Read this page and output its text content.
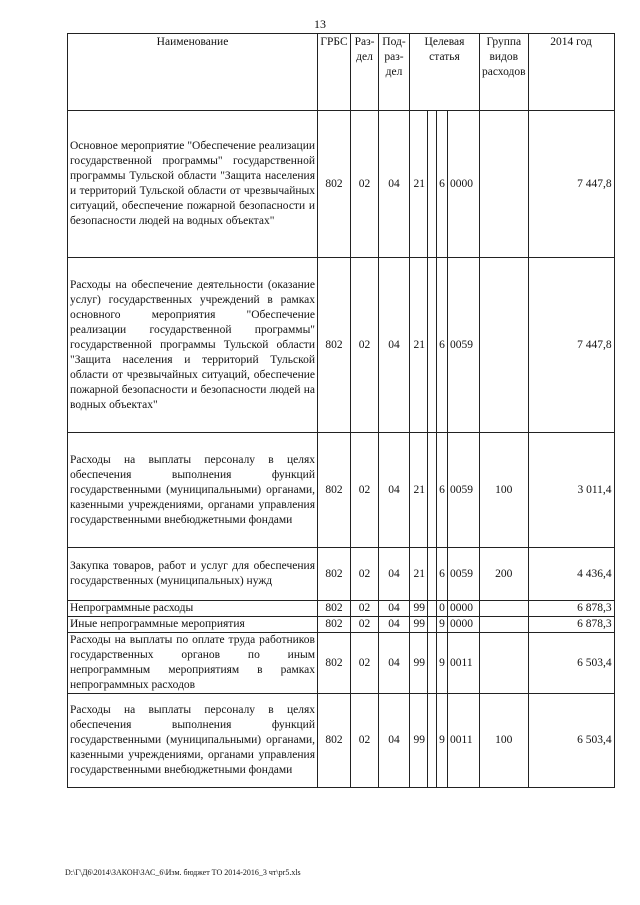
13
Наименование	ГРБС	Раз-дел	Под-раз-дел	Целевая статья				Группа видов расходов	2014 год
Основное мероприятие "Обеспечение реализации государственной программы" государственной программы Тульской области "Защита населения и территорий Тульской области от чрезвычайных ситуаций, обеспечение пожарной безопасности и безопасности людей на водных объектах"	802	02	04	21		6	0000		7 447,8
Расходы на обеспечение деятельности (оказание услуг) государственных учреждений в рамках основного мероприятия "Обеспечение реализации государственной программы" государственной программы Тульской области "Защита населения и территорий Тульской области от чрезвычайных ситуаций, обеспечение пожарной безопасности и безопасности людей на водных объектах"	802	02	04	21		6	0059		7 447,8
Расходы на выплаты персоналу в целях обеспечения выполнения функций государственными (муниципальными) органами, казенными учреждениями, органами управления государственными внебюджетными фондами	802	02	04	21		6	0059	100	3 011,4
Закупка товаров, работ и услуг для обеспечения государственных (муниципальных) нужд	802	02	04	21		6	0059	200	4 436,4
Непрограммные расходы	802	02	04	99		0	0000		6 878,3
Иные непрограммные мероприятия	802	02	04	99		9	0000		6 878,3
Расходы на выплаты по оплате труда работников государственных органов по иным непрограммным мероприятиям в рамках непрограммных расходов	802	02	04	99		9	0011		6 503,4
Расходы на выплаты персоналу в целях обеспечения выполнения функций государственными (муниципальными) органами, казенными учреждениями, органами управления государственными внебюджетными фондами	802	02	04	99		9	0011	100	6 503,4
D:\Г\Д6\2014\ЗАКОН\ЗАС_6\Изм. бюджет ТО 2014-2016_3 чт\pr5.xls
